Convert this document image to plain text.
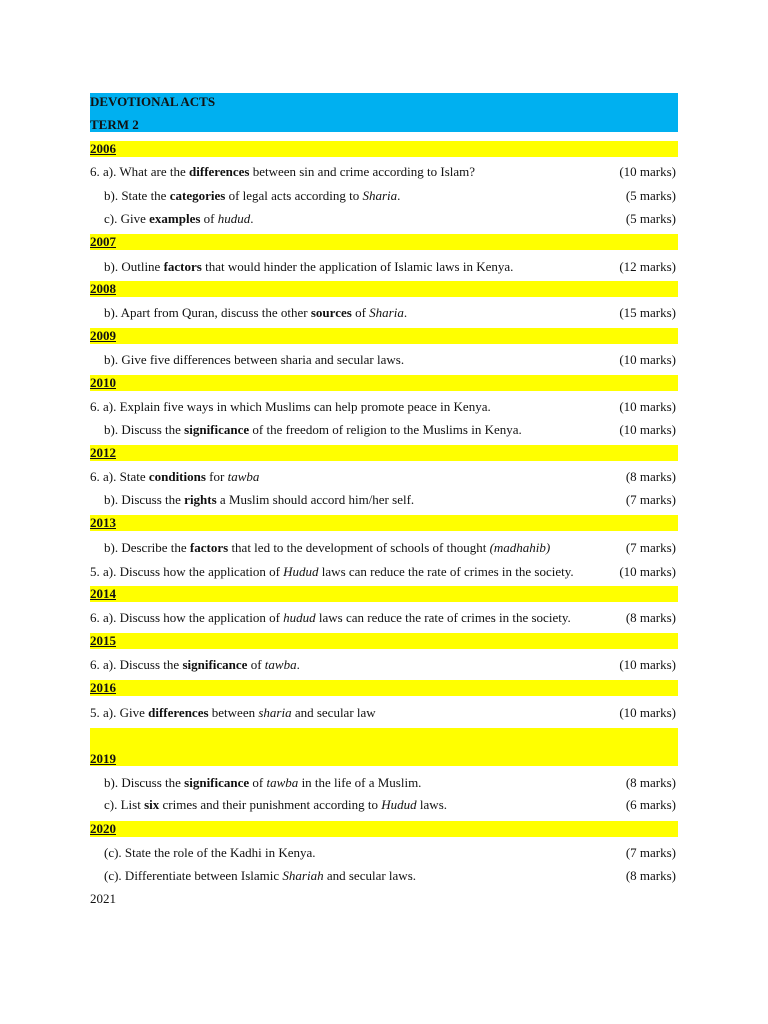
DEVOTIONAL ACTS
TERM 2
2006
6. a). What are the differences between sin and crime according to Islam?	(10 marks)
b). State the categories of legal acts according to Sharia.	(5 marks)
c). Give examples of hudud.	(5 marks)
2007
b). Outline factors that would hinder the application of Islamic laws in Kenya.	(12 marks)
2008
b). Apart from Quran, discuss the other sources of Sharia.	(15 marks)
2009
b). Give five differences between sharia and secular laws.	(10 marks)
2010
6. a). Explain five ways in which Muslims can help promote peace in Kenya.	(10 marks)
b). Discuss the significance of the freedom of religion to the Muslims in Kenya.	(10 marks)
2012
6. a). State conditions for tawba	(8 marks)
b). Discuss the rights a Muslim should accord him/her self.	(7 marks)
2013
b). Describe the factors that led to the development of schools of thought (madhahib)	(7 marks)
5. a). Discuss how the application of Hudud laws can reduce the rate of crimes in the society.	(10 marks)
2014
6. a). Discuss how the application of hudud laws can reduce the rate of crimes in the society.	(8 marks)
2015
6. a). Discuss the significance of tawba.	(10 marks)
2016
5. a). Give differences between sharia and secular law	(10 marks)
2019
b). Discuss the significance of tawba in the life of a Muslim.	(8 marks)
c). List six crimes and their punishment according to Hudud laws.	(6 marks)
2020
(c). State the role of the Kadhi in Kenya.	(7 marks)
(c). Differentiate between Islamic Shariah and secular laws.	(8 marks)
2021
